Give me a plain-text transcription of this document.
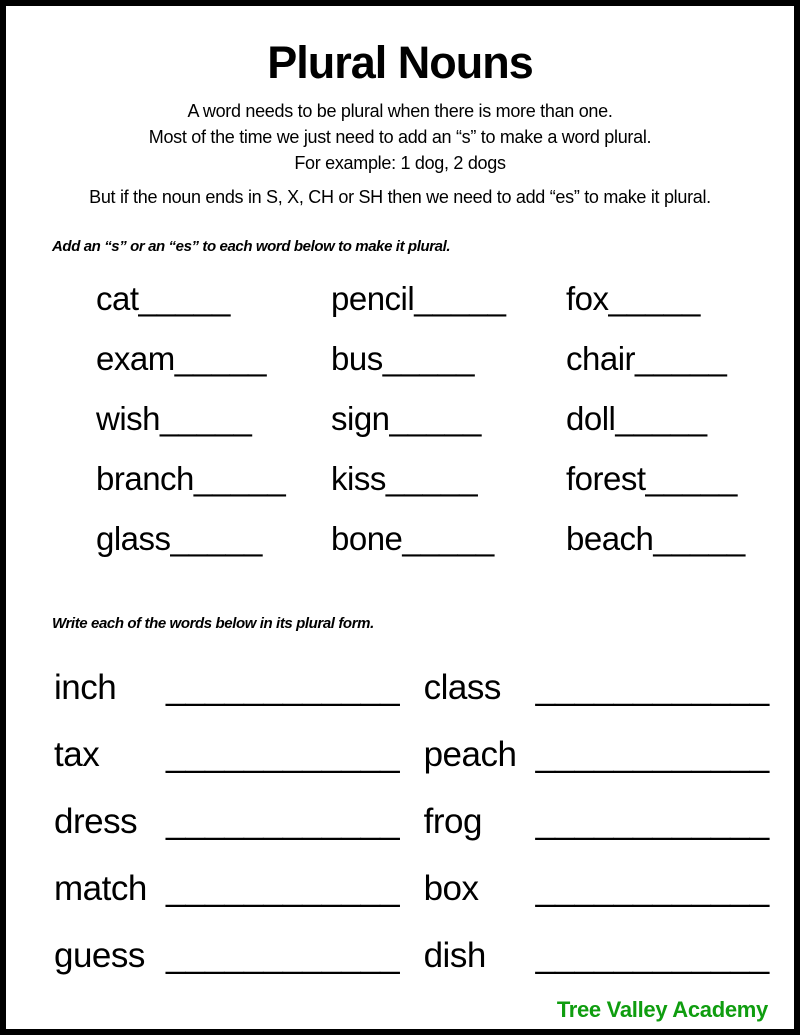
Plural Nouns
A word needs to be plural when there is more than one.
Most of the time we just need to add an “s” to make a word plural.
For example: 1 dog, 2 dogs
But if the noun ends in S, X, CH or SH then we need to add “es” to make it plural.
Add an “s” or an “es” to each word below to make it plural.
cat_____	pencil_____	fox_____
exam_____	bus_____	chair_____
wish_____	sign_____	doll_____
branch_____	kiss_____	forest_____
glass_____	bone_____	beach_____
Write each of the words below in its plural form.
inch	____________ class ____________
tax	____________ peach ____________
dress ____________ frog	____________
match ____________ box	____________
guess ____________ dish	____________
Tree Valley Academy
